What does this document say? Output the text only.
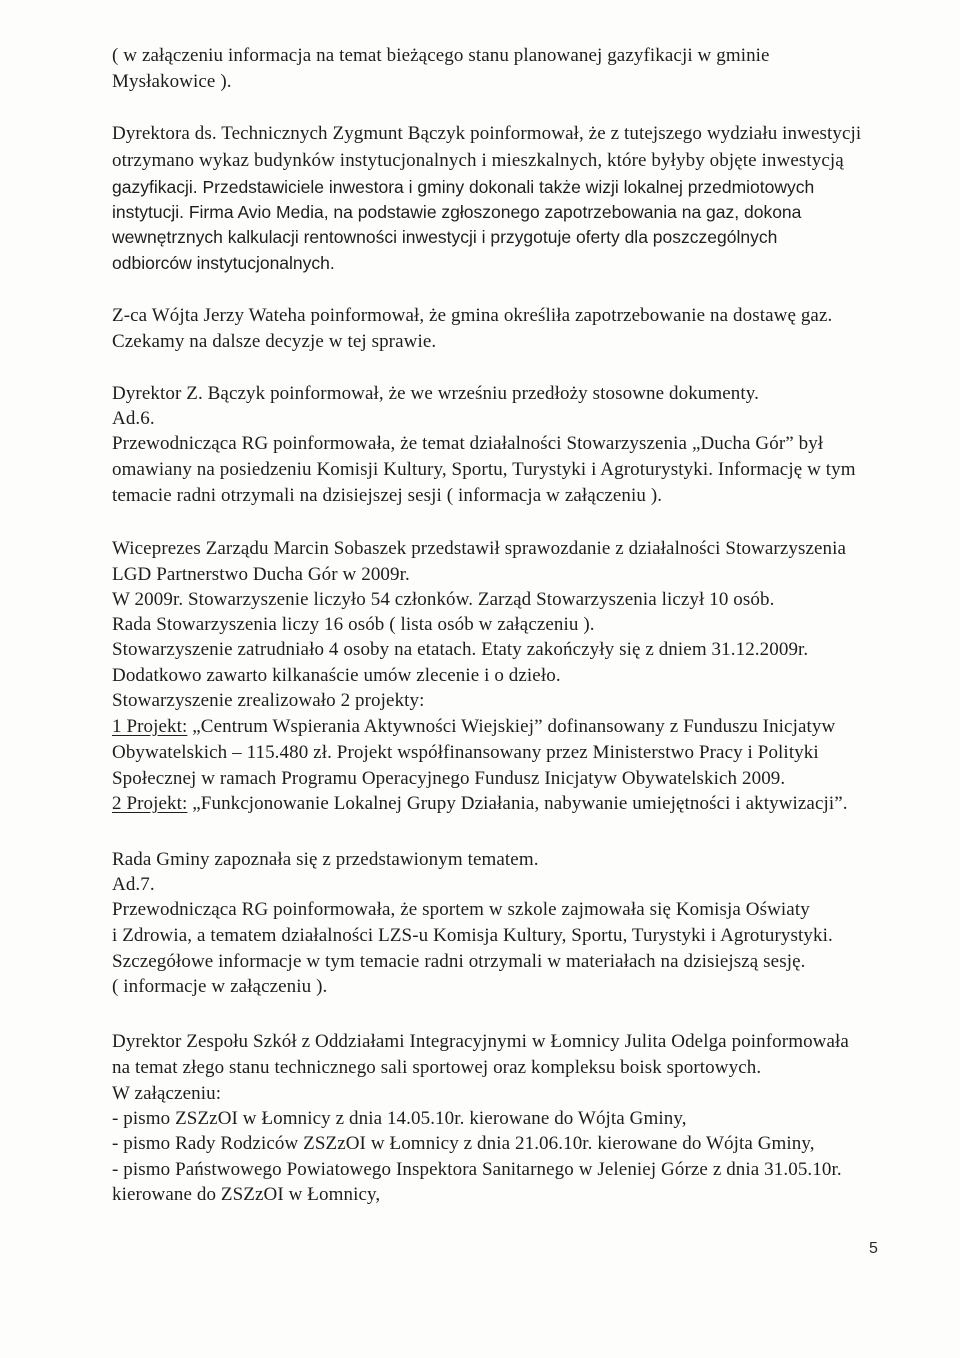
( w załączeniu informacja na temat bieżącego stanu planowanej gazyfikacji w gminie
Mysłakowice ).
Dyrektora ds. Technicznych Zygmunt Bączyk poinformował, że z tutejszego wydziału inwestycji
otrzymano wykaz budynków instytucjonalnych i mieszkalnych, które byłyby objęte inwestycją
gazyfikacji. Przedstawiciele inwestora i gminy dokonali także wizji lokalnej przedmiotowych
instytucji. Firma Avio Media, na podstawie zgłoszonego zapotrzebowania na gaz, dokona
wewnętrznych kalkulacji rentowności inwestycji i przygotuje oferty dla poszczególnych
odbiorców instytucjonalnych.
Z-ca Wójta Jerzy Wateha poinformował, że gmina określiła zapotrzebowanie na dostawę gaz.
Czekamy na dalsze decyzje w tej sprawie.
Dyrektor Z. Bączyk poinformował, że we wrześniu przedłoży stosowne dokumenty.
Ad.6.
Przewodnicząca RG poinformowała, że temat działalności Stowarzyszenia „Ducha Gór” był
omawiany na posiedzeniu Komisji Kultury, Sportu, Turystyki i Agroturystyki. Informację w tym
temacie radni otrzymali na dzisiejszej sesji ( informacja w załączeniu ).
Wiceprezes Zarządu Marcin Sobaszek przedstawił sprawozdanie z działalności Stowarzyszenia
LGD Partnerstwo Ducha Gór w 2009r.
W 2009r. Stowarzyszenie liczyło 54 członków. Zarząd Stowarzyszenia liczył 10 osób.
Rada Stowarzyszenia liczy 16 osób ( lista osób w załączeniu ).
Stowarzyszenie zatrudniało 4 osoby na etatach. Etaty zakończyły się z dniem 31.12.2009r.
Dodatkowo zawarto kilkanaście umów zlecenie i o dzieło.
Stowarzyszenie zrealizowało 2 projekty:
1 Projekt: „Centrum Wspierania Aktywności Wiejskiej” dofinansowany z Funduszu Inicjatyw
Obywatelskich – 115.480 zł. Projekt współfinansowany przez Ministerstwo Pracy i Polityki
Społecznej w ramach Programu Operacyjnego Fundusz Inicjatyw Obywatelskich 2009.
2 Projekt: „Funkcjonowanie Lokalnej Grupy Działania, nabywanie umiejętności i aktywizacji”.
Rada Gminy zapoznała się z przedstawionym tematem.
Ad.7.
Przewodnicząca RG poinformowała, że sportem w szkole zajmowała się Komisja Oświaty
i Zdrowia, a tematem działalności LZS-u Komisja Kultury, Sportu, Turystyki i Agroturystyki.
Szczegółowe informacje w tym temacie radni otrzymali w materiałach na dzisiejszą sesję.
( informacje w załączeniu ).
Dyrektor Zespołu Szkół z Oddziałami Integracyjnymi w Łomnicy Julita Odelga poinformowała
na temat złego stanu technicznego sali sportowej oraz kompleksu boisk sportowych.
W załączeniu:
- pismo ZSZzOI w Łomnicy z dnia 14.05.10r. kierowane do Wójta Gminy,
- pismo Rady Rodziców ZSZzOI w Łomnicy z dnia 21.06.10r. kierowane do Wójta Gminy,
- pismo Państwowego Powiatowego Inspektora Sanitarnego w Jeleniej Górze z dnia 31.05.10r.
kierowane do ZSZzOI w Łomnicy,
5
